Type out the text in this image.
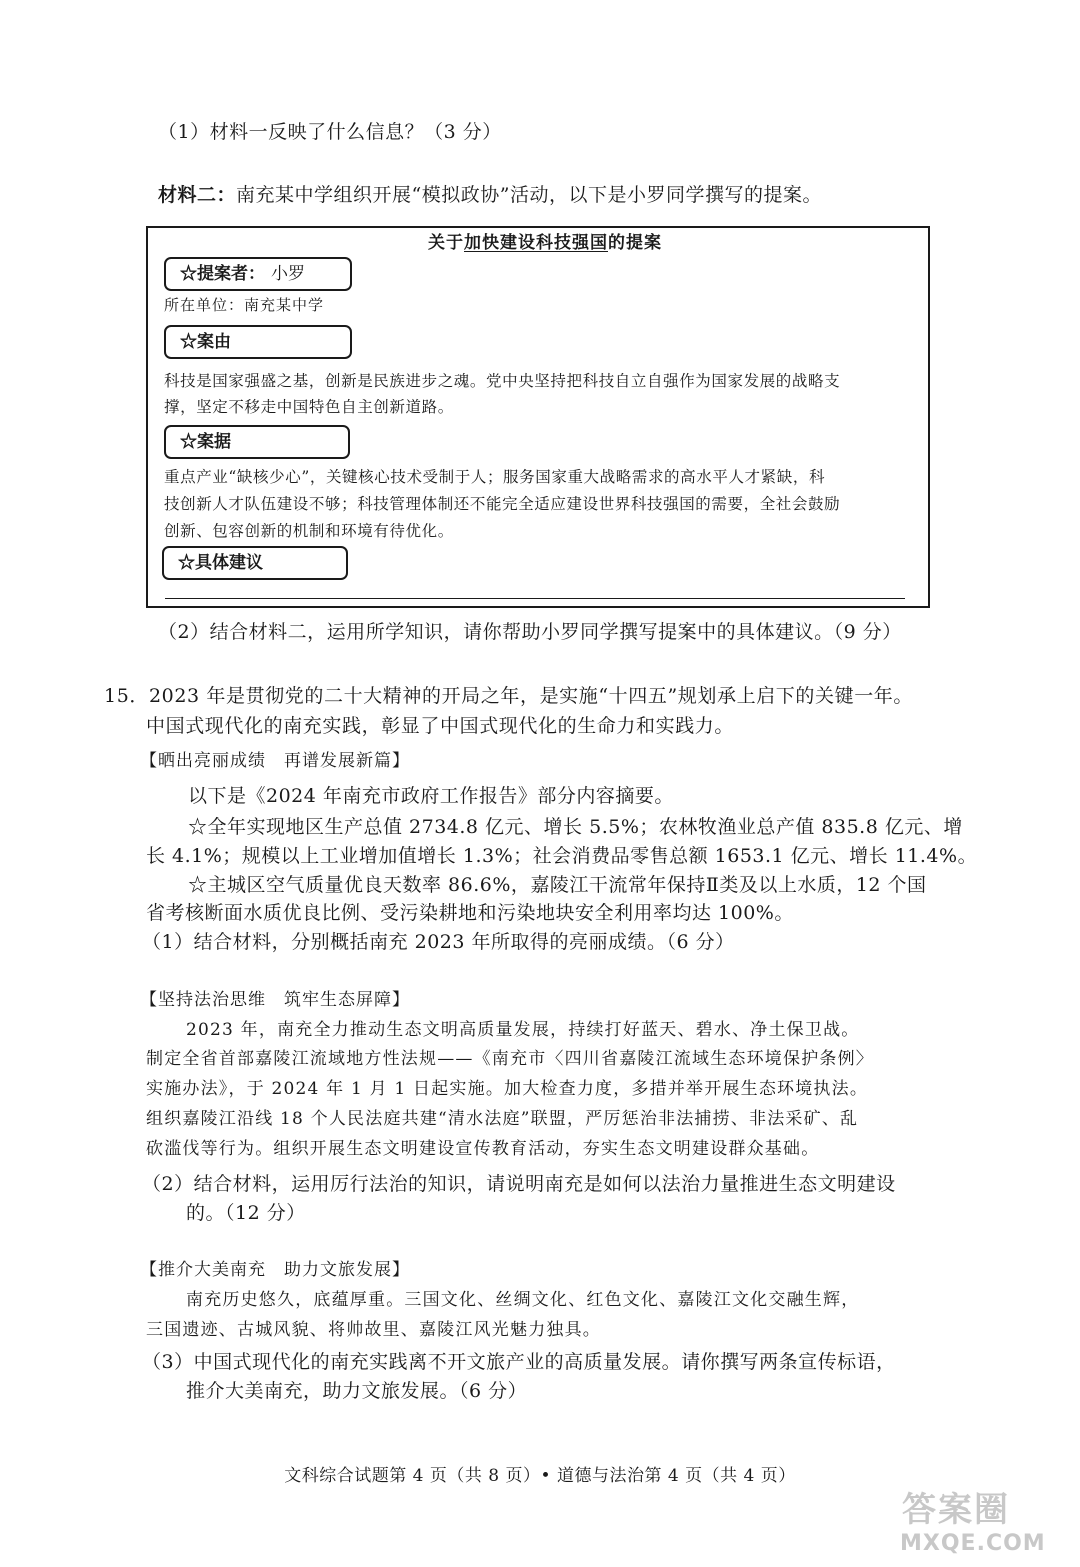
（1）材料一反映了什么信息？（3 分）
材料二：南充某中学组织开展“模拟政协”活动，以下是小罗同学撰写的提案。
关于加快建设科技强国的提案
☆提案者： 小罗
所在单位：南充某中学
☆案由
科技是国家强盛之基，创新是民族进步之魂。党中央坚持把科技自立自强作为国家发展的战略支
撑，坚定不移走中国特色自主创新道路。
☆案据
重点产业“缺核少心”，关键核心技术受制于人；服务国家重大战略需求的高水平人才紧缺，科
技创新人才队伍建设不够；科技管理体制还不能完全适应建设世界科技强国的需要，全社会鼓励
创新、包容创新的机制和环境有待优化。
☆具体建议
（2）结合材料二，运用所学知识，请你帮助小罗同学撰写提案中的具体建议。（9 分）
15．2023 年是贯彻党的二十大精神的开局之年，是实施“十四五”规划承上启下的关键一年。
中国式现代化的南充实践，彰显了中国式现代化的生命力和实践力。
【晒出亮丽成绩　再谱发展新篇】
以下是《2024 年南充市政府工作报告》部分内容摘要。
☆全年实现地区生产总值 2734.8 亿元、增长 5.5%；农林牧渔业总产值 835.8 亿元、增
长 4.1%；规模以上工业增加值增长 1.3%；社会消费品零售总额 1653.1 亿元、增长 11.4%。
☆主城区空气质量优良天数率 86.6%，嘉陵江干流常年保持Ⅱ类及以上水质，12 个国
省考核断面水质优良比例、受污染耕地和污染地块安全利用率均达 100%。
（1）结合材料，分别概括南充 2023 年所取得的亮丽成绩。（6 分）
【坚持法治思维　筑牢生态屏障】
2023 年，南充全力推动生态文明高质量发展，持续打好蓝天、碧水、净土保卫战。
制定全省首部嘉陵江流域地方性法规——《南充市〈四川省嘉陵江流域生态环境保护条例〉
实施办法》，于 2024 年 1 月 1 日起实施。加大检查力度，多措并举开展生态环境执法。
组织嘉陵江沿线 18 个人民法庭共建“清水法庭”联盟，严厉惩治非法捕捞、非法采矿、乱
砍滥伐等行为。组织开展生态文明建设宣传教育活动，夯实生态文明建设群众基础。
（2）结合材料，运用厉行法治的知识，请说明南充是如何以法治力量推进生态文明建设
的。（12 分）
【推介大美南充　助力文旅发展】
南充历史悠久，底蕴厚重。三国文化、丝绸文化、红色文化、嘉陵江文化交融生辉，
三国遗迹、古城风貌、将帅故里、嘉陵江风光魅力独具。
（3）中国式现代化的南充实践离不开文旅产业的高质量发展。请你撰写两条宣传标语，
推介大美南充，助力文旅发展。（6 分）
文科综合试题第 4 页（共 8 页）• 道德与法治第 4 页（共 4 页）
答案圈
MXQE.COM
